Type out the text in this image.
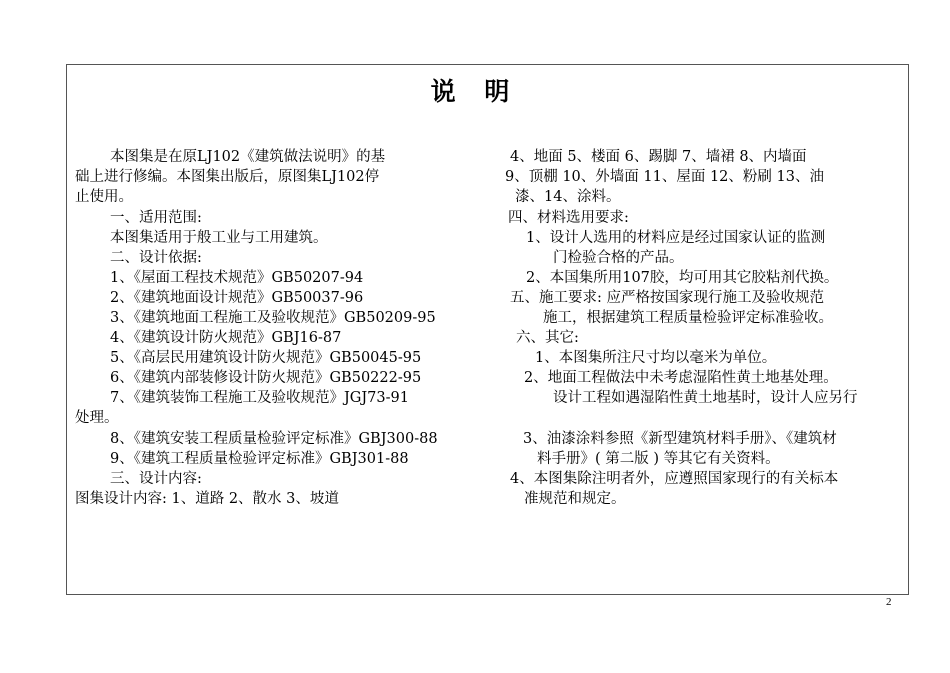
说 明
本图集是在原LJ102《建筑做法说明》的基
础上进行修编。本图集出版后，原图集LJ102停
止使用。
一、适用范围:
本图集适用于般工业与工用建筑。
二、设计依据:
1、《屋面工程技术规范》GB50207-94
2、《建筑地面设计规范》GB50037-96
3、《建筑地面工程施工及验收规范》GB50209-95
4、《建筑设计防火规范》GBJ16-87
5、《高层民用建筑设计防火规范》GB50045-95
6、《建筑内部装修设计防火规范》GB50222-95
7、《建筑装饰工程施工及验收规范》JGJ73-91
处理。
8、《建筑安装工程质量检验评定标准》GBJ300-88
9、《建筑工程质量检验评定标准》GBJ301-88
三、设计内容:
图集设计内容: 1、道路 2、散水 3、坡道
4、地面 5、楼面 6、踢脚 7、墙裙 8、内墙面
9、顶棚 10、外墙面 11、屋面 12、粉刷 13、油
漆、14、涂料。
四、材料选用要求:
1、设计人选用的材料应是经过国家认证的监测
门检验合格的产品。
2、本国集所用107胶，均可用其它胶粘剂代换。
五、施工要求: 应严格按国家现行施工及验收规范
施工，根据建筑工程质量检验评定标准验收。
六、其它:
1、本图集所注尺寸均以毫米为单位。
2、地面工程做法中未考虑湿陷性黄土地基处理。
设计工程如遇湿陷性黄土地基时，设计人应另行
3、油漆涂料参照《新型建筑材料手册》、《建筑材
料手册》( 第二版 ) 等其它有关资料。
4、本图集除注明者外，应遵照国家现行的有关标本
准规范和规定。
2
